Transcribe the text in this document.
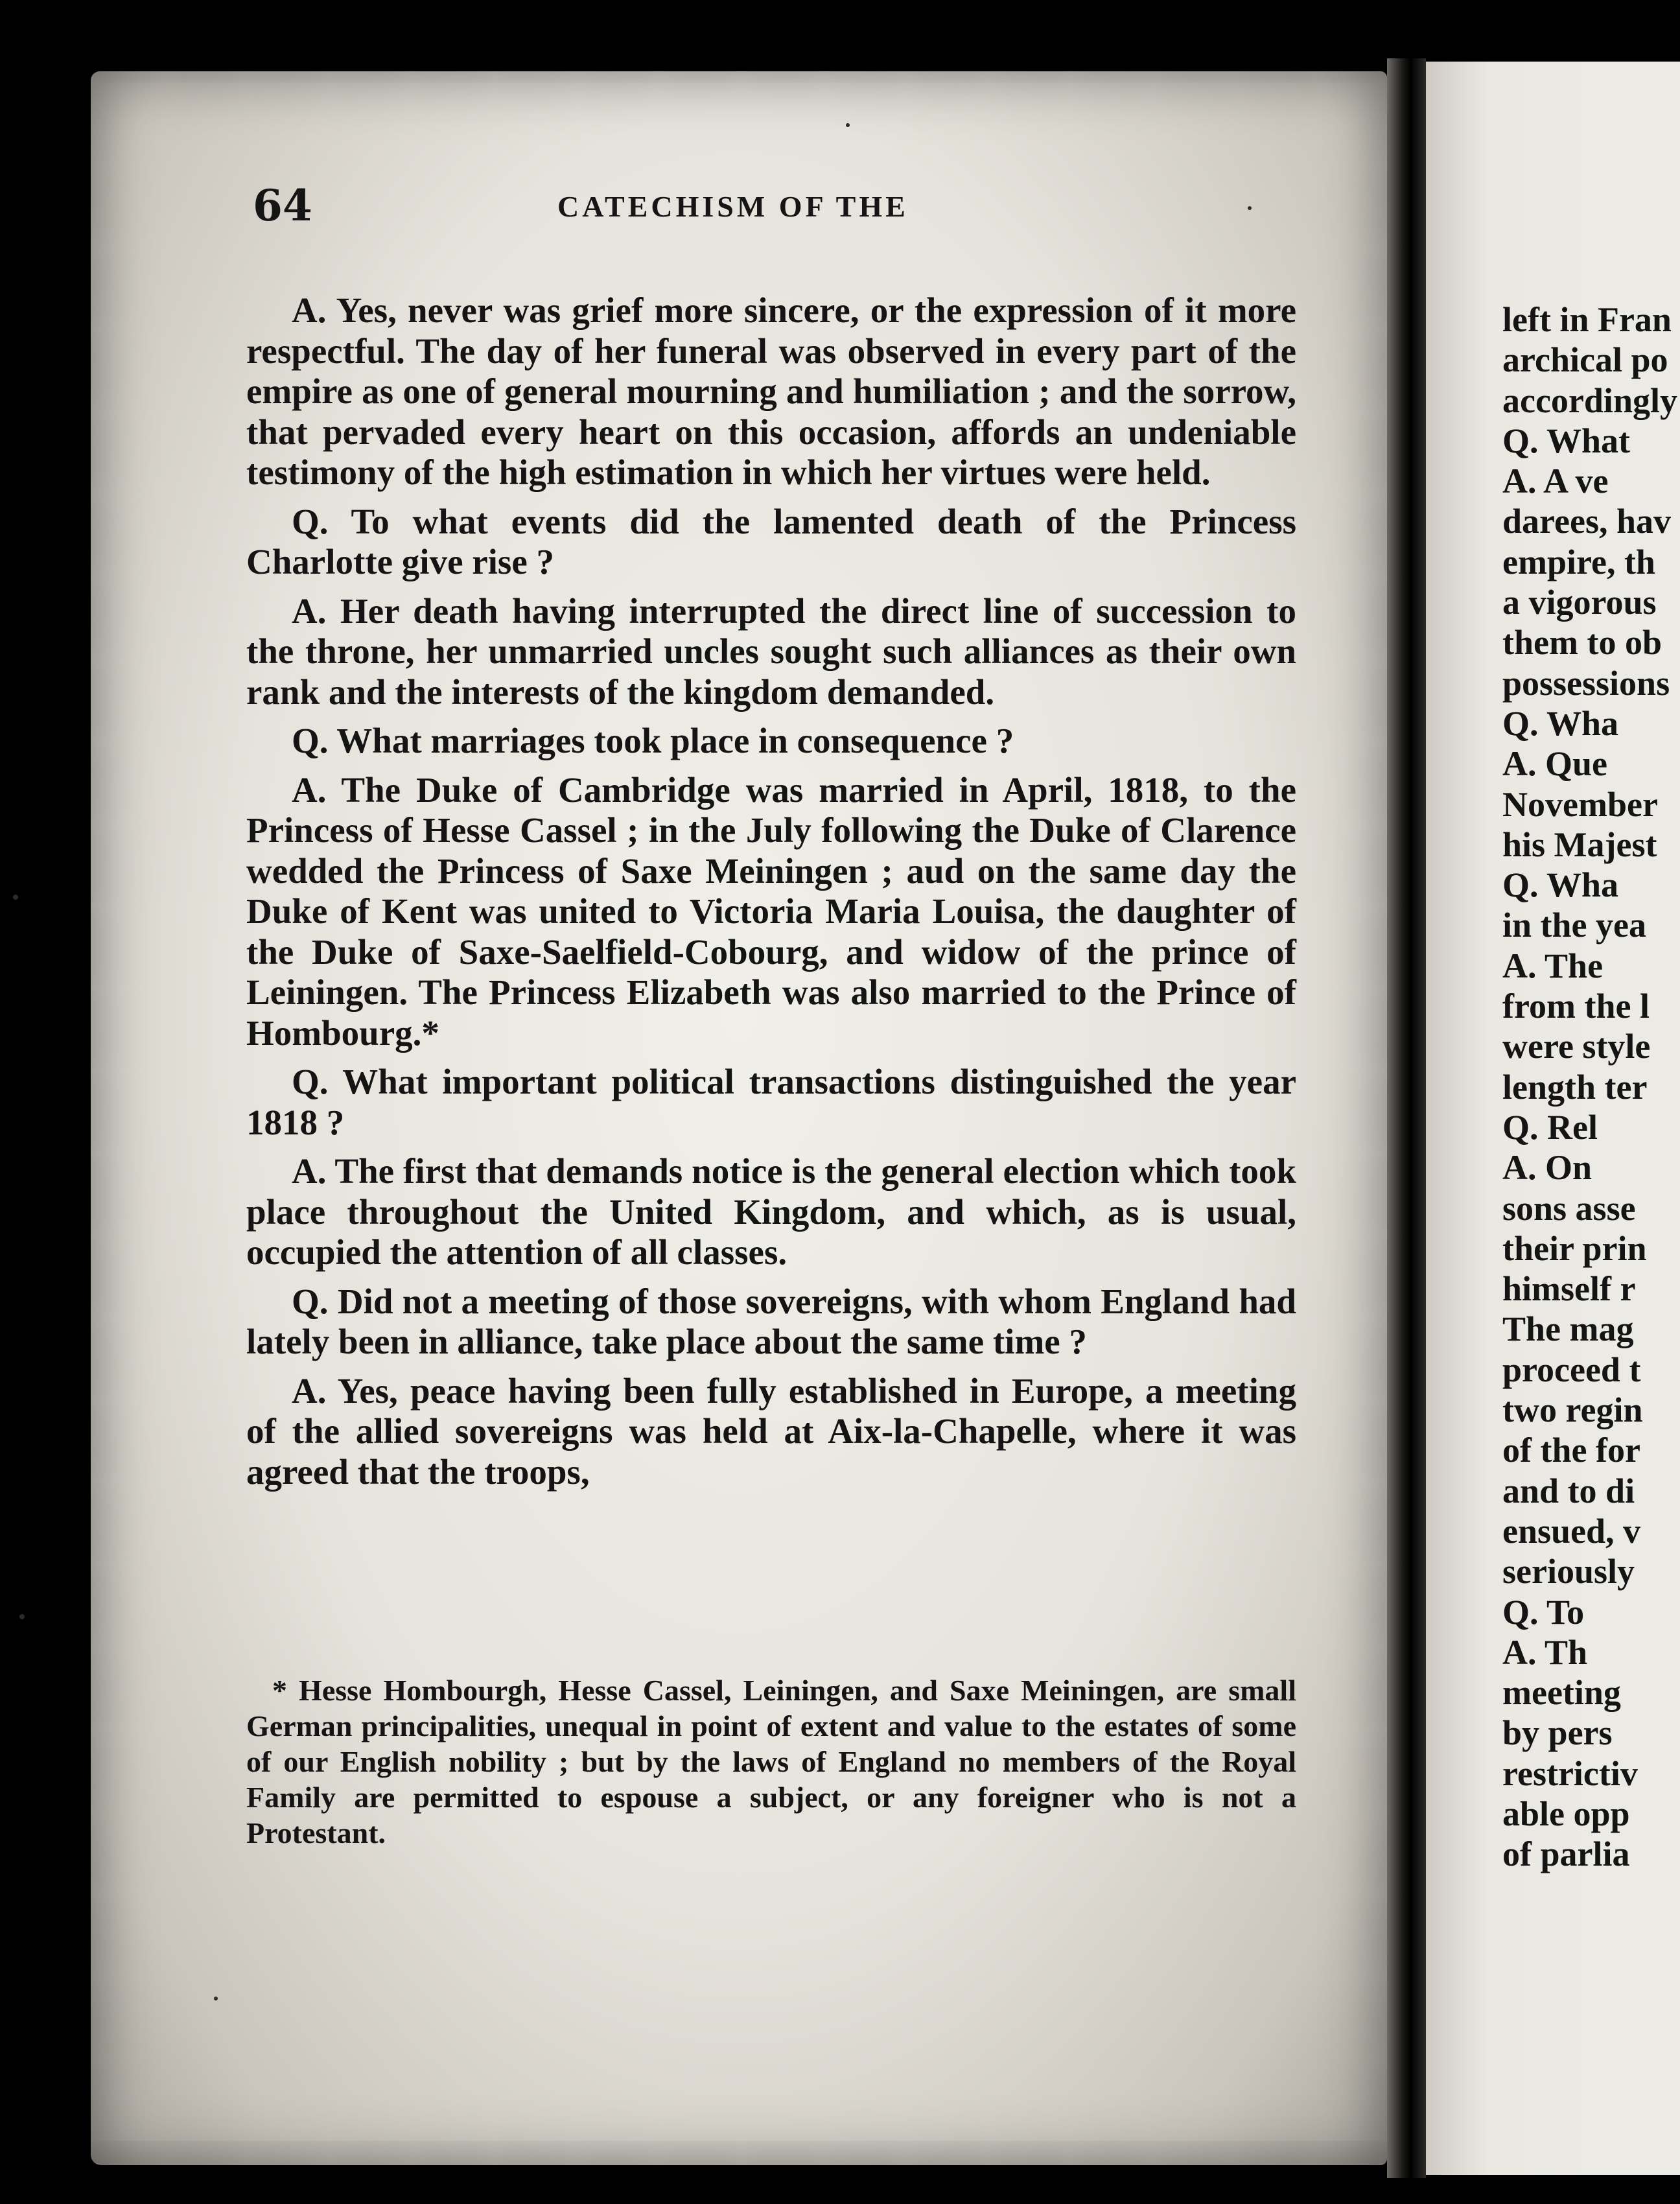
64	CATECHISM OF THE

A. Yes, never was grief more sincere, or the expression of it more respectful. The day of her funeral was observed in every part of the empire as one of general mourning and humiliation ; and the sorrow, that pervaded every heart on this occasion, affords an undeniable testimony of the high estimation in which her virtues were held.

Q. To what events did the lamented death of the Princess Charlotte give rise ?

A. Her death having interrupted the direct line of succession to the throne, her unmarried uncles sought such alliances as their own rank and the interests of the kingdom demanded.

Q. What marriages took place in consequence ?

A. The Duke of Cambridge was married in April, 1818, to the Princess of Hesse Cassel ; in the July following the Duke of Clarence wedded the Princess of Saxe Meiningen ; aud on the same day the Duke of Kent was united to Victoria Maria Louisa, the daughter of the Duke of Saxe-Saelfield-Cobourg, and widow of the prince of Leiningen. The Princess Elizabeth was also married to the Prince of Hombourg.*

Q. What important political transactions distinguished the year 1818 ?

A. The first that demands notice is the general election which took place throughout the United Kingdom, and which, as is usual, occupied the attention of all classes.

Q. Did not a meeting of those sovereigns, with whom England had lately been in alliance, take place about the same time ?

A. Yes, peace having been fully established in Europe, a meeting of the allied sovereigns was held at Aix-la-Chapelle, where it was agreed that the troops,

* Hesse Hombourgh, Hesse Cassel, Leiningen, and Saxe Meiningen, are small German principalities, unequal in point of extent and value to the estates of some of our English nobility ; but by the laws of England no members of the Royal Family are permitted to espouse a subject, or any foreigner who is not a Protestant.

left in Fran
archical po
accordingly
Q. What
A. A ve
darees, hav
empire, th
a vigorous
them to ob
possessions
Q. Wha
A. Que
November
his Majest
Q. Wha
in the yea
A. The
from the l
were style
length ter
Q. Rel
A. On
sons asse
their prin
himself r
The mag
proceed t
two regin
of the for
and to di
ensued, v
seriously
Q. To
A. Th
meeting
by pers
restrictiv
able opp
of parlia
